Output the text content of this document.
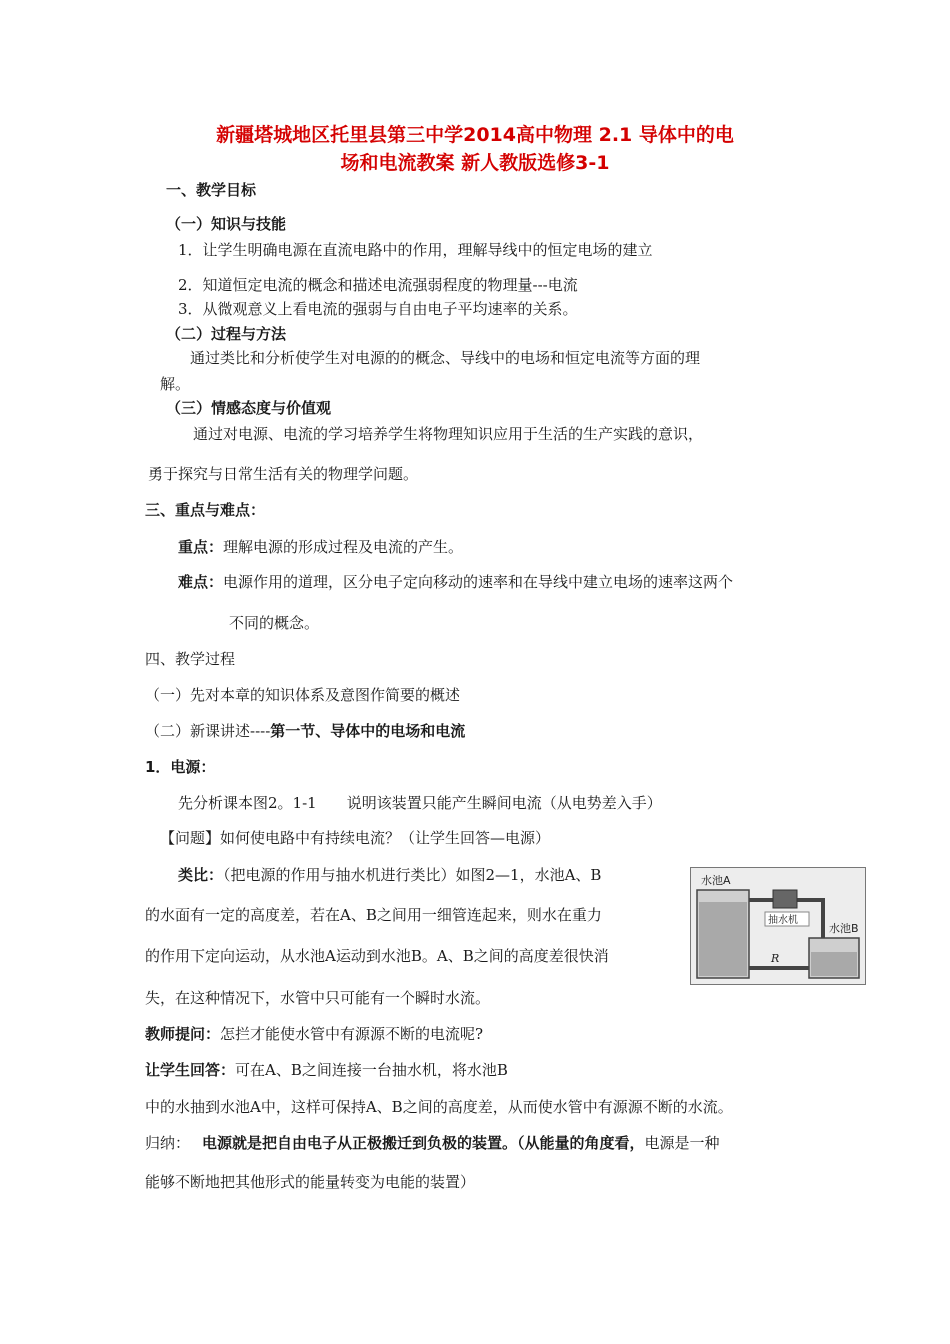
新疆塔城地区托里县第三中学2014高中物理 2.1 导体中的电
场和电流教案 新人教版选修3-1
一、教学目标
（一）知识与技能
1．让学生明确电源在直流电路中的作用，理解导线中的恒定电场的建立
2．知道恒定电流的概念和描述电流强弱程度的物理量---电流
3．从微观意义上看电流的强弱与自由电子平均速率的关系。
（二）过程与方法
通过类比和分析使学生对电源的的概念、导线中的电场和恒定电流等方面的理
解。
（三）情感态度与价值观
通过对电源、电流的学习培养学生将物理知识应用于生活的生产实践的意识，
勇于探究与日常生活有关的物理学问题。
三、重点与难点：
重点：理解电源的形成过程及电流的产生。
难点：电源作用的道理，区分电子定向移动的速率和在导线中建立电场的速率这两个
不同的概念。
四、教学过程
（一）先对本章的知识体系及意图作简要的概述
（二）新课讲述----第一节、导体中的电场和电流
1．电源：
先分析课本图2。1-1　　说明该装置只能产生瞬间电流（从电势差入手）
【问题】如何使电路中有持续电流？（让学生回答—电源）
类比：（把电源的作用与抽水机进行类比）如图2—1，水池A、B
的水面有一定的高度差，若在A、B之间用一细管连起来，则水在重力
的作用下定向运动，从水池A运动到水池B。A、B之间的高度差很快消
失，在这种情况下，水管中只可能有一个瞬时水流。
水池A
抽水机
水池B
R
教师提问：怎拦才能使水管中有源源不断的电流呢?
让学生回答：可在A、B之间连接一台抽水机，将水池B
中的水抽到水池A中，这样可保持A、B之间的高度差，从而使水管中有源源不断的水流。
归纳： 电源就是把自由电子从正极搬迁到负极的装置。（从能量的角度看，电源是一种
能够不断地把其他形式的能量转变为电能的装置）
